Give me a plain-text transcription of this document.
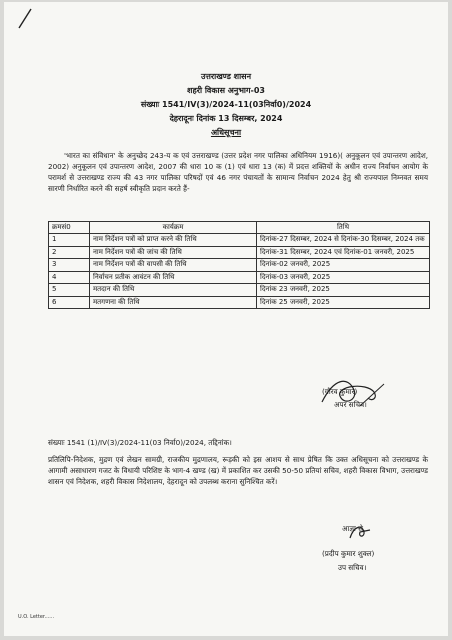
उत्तराखण्ड शासन
शहरी विकास अनुभाग-03
संख्याः 1541/IV(3)/2024-11(03निर्वा0)/2024
देहरादूनः दिनांक 13 दिसम्बर, 2024
अधिसूचना
'भारत का संविधान' के अनुच्छेद 243-य क एवं उत्तराखण्ड (उत्तर प्रदेश नगर पालिका अधिनियम 1916)( अनुकूलन एवं उपान्तरण आदेश, 2002) अनुकूलन एवं उपान्तरण आदेश, 2007 की धारा 10 क (1) एवं धारा 13 (क) में प्रदत्त शक्तियों के अधीन राज्य निर्वाचन आयोग के परामर्श से उत्तराखण्ड राज्य की 43 नगर पालिका परिषदों एवं 46 नगर पंचायतों के सामान्य निर्वाचन 2024 हेतु श्री राज्यपाल निम्नवत समय सारणी निर्धारित करने की सहर्ष स्वीकृति प्रदान करते हैं-
क्रमसं0	कार्यक्रम	तिथि
1	नाम निर्देशन पत्रों को प्राप्त करने की तिथि	दिनांक-27 दिसम्बर, 2024 से दिनांक-30 दिसम्बर, 2024 तक
2	नाम निर्देशन पत्रों की जांच की तिथि	दिनांक-31 दिसम्बर, 2024 एवं दिनांक-01 जनवरी, 2025
3	नाम निर्देशन पत्रों की वापसी की तिथि	दिनांक-02 जनवरी, 2025
4	निर्वाचन प्रतीक आवंटन की तिथि	दिनांक-03 जनवरी, 2025
5	मतदान की तिथि	दिनांक 23 जनवरी, 2025
6	मतगणना की तिथि	दिनांक 25 जनवरी, 2025
(गौरव कुमार)
अपर सचिव।
संख्याः 1541 (1)/IV(3)/2024-11(03 निर्वा0)/2024, तद्दिनांक।
प्रतिलिपि-निदेशक, मुद्रण एवं लेखन सामग्री, राजकीय मुद्रणालय, रूड़की को इस आशय से साथ प्रेषित कि उक्त अधिसूचना को उत्तराखण्ड के आगामी असाधारण गजट के विधायी परिशिष्ट के भाग-4 खण्ड (ख) में प्रकाशित कर उसकी 50-50 प्रतियां सचिव, शहरी विकास विभाग, उत्तराखण्ड शासन एवं निदेशक, शहरी विकास निदेशालय, देहरादून को उपलब्ध कराना सुनिश्चित करें।
आज्ञा से,
(प्रदीप कुमार शुक्ल)
उप सचिव।
U.O. Letter......
